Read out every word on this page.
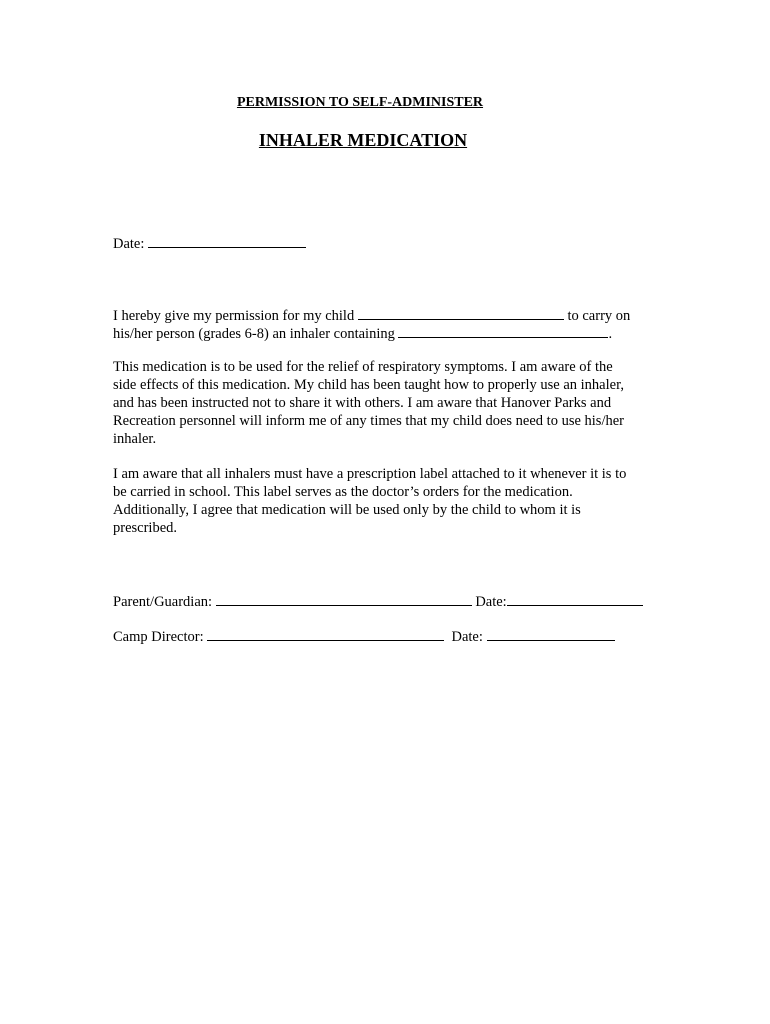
PERMISSION TO SELF-ADMINISTER
INHALER MEDICATION
Date:
I hereby give my permission for my child	to carry on
his/her person (grades 6-8) an inhaler containing	.
This medication is to be used for the relief of respiratory symptoms. I am aware of the
side effects of this medication. My child has been taught how to properly use an inhaler,
and has been instructed not to share it with others. I am aware that Hanover Parks and
Recreation personnel will inform me of any times that my child does need to use his/her
inhaler.
I am aware that all inhalers must have a prescription label attached to it whenever it is to
be carried in school. This label serves as the doctor’s orders for the medication.
Additionally, I agree that medication will be used only by the child to whom it is
prescribed.
Parent/Guardian:	Date:
Camp Director:	Date:
